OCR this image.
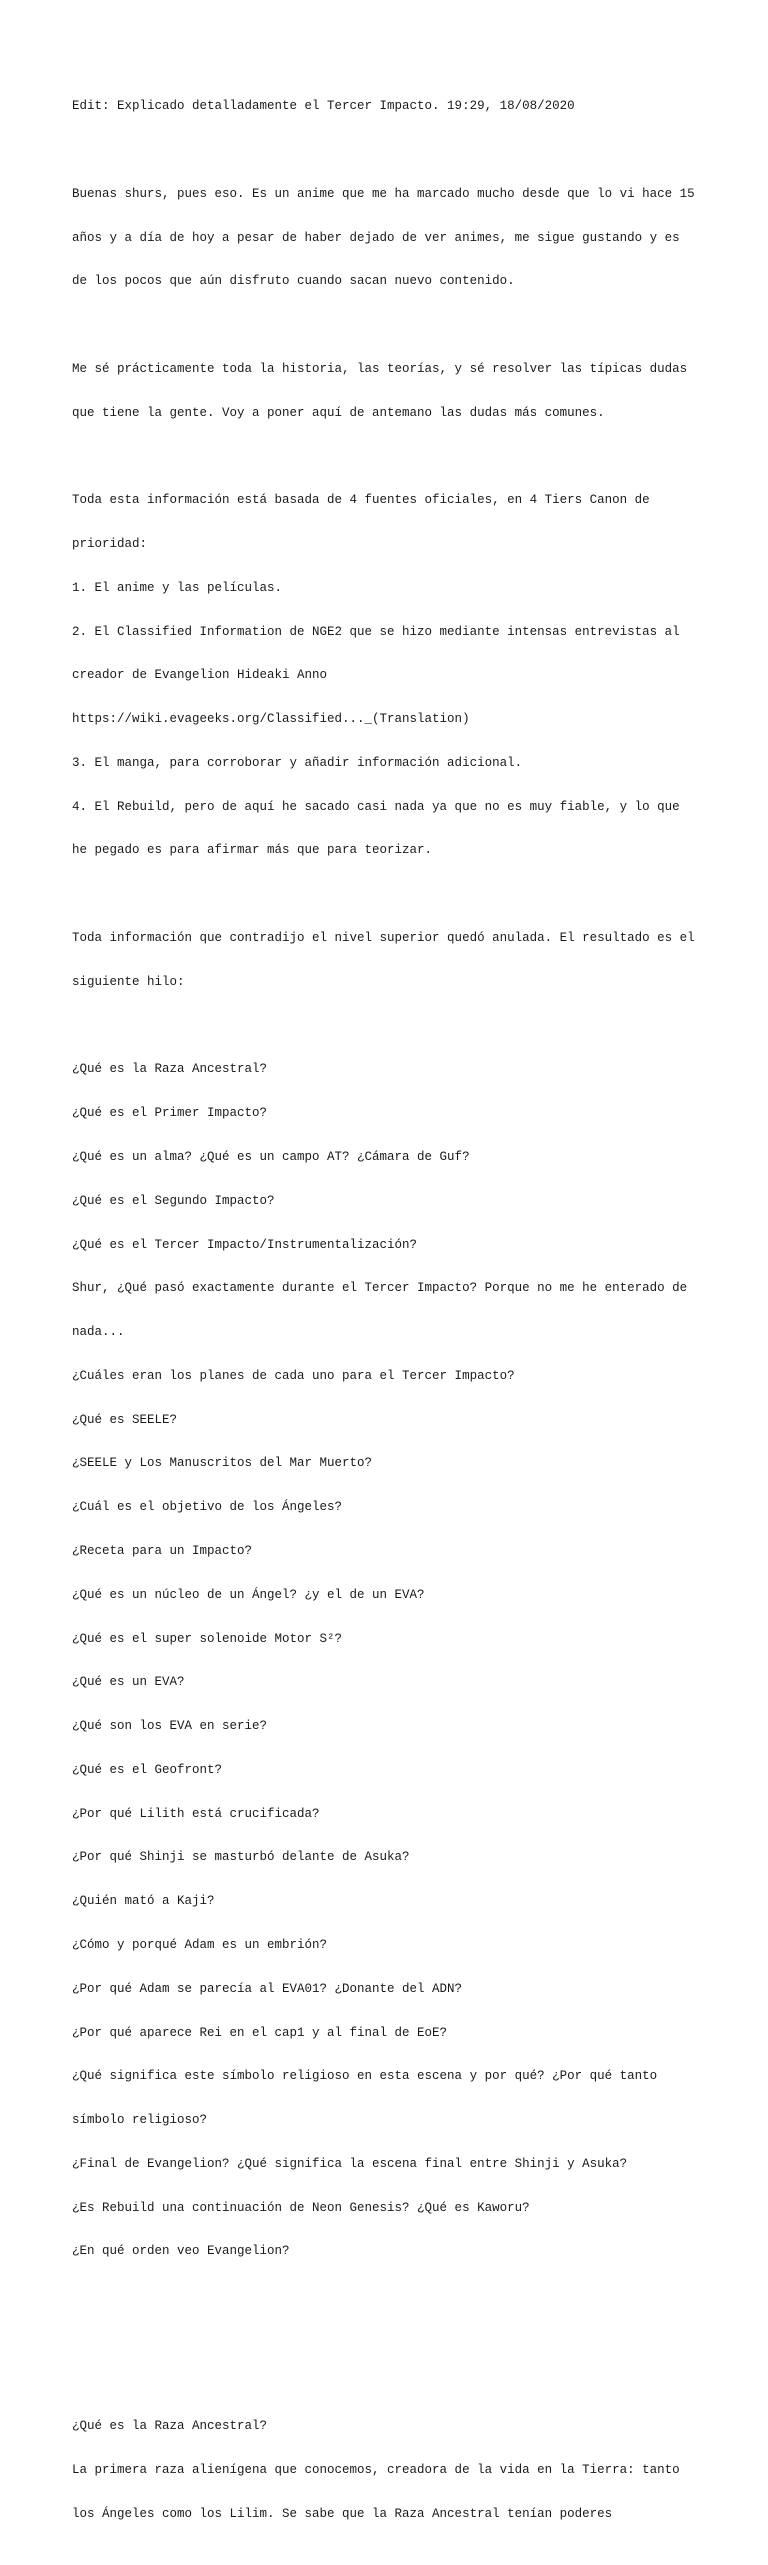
Edit: Explicado detalladamente el Tercer Impacto. 19:29, 18/08/2020

Buenas shurs, pues eso. Es un anime que me ha marcado mucho desde que lo vi hace 15

años y a día de hoy a pesar de haber dejado de ver animes, me sigue gustando y es

de los pocos que aún disfruto cuando sacan nuevo contenido.

Me sé prácticamente toda la historia, las teorías, y sé resolver las típicas dudas

que tiene la gente. Voy a poner aquí de antemano las dudas más comunes.

Toda esta información está basada de 4 fuentes oficiales, en 4 Tiers Canon de

prioridad:

1. El anime y las películas.

2. El Classified Information de NGE2 que se hizo mediante intensas entrevistas al

creador de Evangelion Hideaki Anno

https://wiki.evageeks.org/Classified..._(Translation)

3. El manga, para corroborar y añadir información adicional.

4. El Rebuild, pero de aquí he sacado casi nada ya que no es muy fiable, y lo que

he pegado es para afirmar más que para teorizar.

Toda información que contradijo el nivel superior quedó anulada. El resultado es el

siguiente hilo:

¿Qué es la Raza Ancestral?

¿Qué es el Primer Impacto?

¿Qué es un alma? ¿Qué es un campo AT? ¿Cámara de Guf?

¿Qué es el Segundo Impacto?

¿Qué es el Tercer Impacto/Instrumentalización?

Shur, ¿Qué pasó exactamente durante el Tercer Impacto? Porque no me he enterado de

nada...

¿Cuáles eran los planes de cada uno para el Tercer Impacto?

¿Qué es SEELE?

¿SEELE y Los Manuscritos del Mar Muerto?

¿Cuál es el objetivo de los Ángeles?

¿Receta para un Impacto?

¿Qué es un núcleo de un Ángel? ¿y el de un EVA?

¿Qué es el super solenoide Motor S²?

¿Qué es un EVA?

¿Qué son los EVA en serie?

¿Qué es el Geofront?

¿Por qué Lilith está crucificada?

¿Por qué Shinji se masturbó delante de Asuka?

¿Quién mató a Kaji?

¿Cómo y porqué Adam es un embrión?

¿Por qué Adam se parecía al EVA01? ¿Donante del ADN?

¿Por qué aparece Rei en el cap1 y al final de EoE?

¿Qué significa este símbolo religioso en esta escena y por qué? ¿Por qué tanto

símbolo religioso?

¿Final de Evangelion? ¿Qué significa la escena final entre Shinji y Asuka?

¿Es Rebuild una continuación de Neon Genesis? ¿Qué es Kaworu?

¿En qué orden veo Evangelion?

¿Qué es la Raza Ancestral?

La primera raza alienígena que conocemos, creadora de la vida en la Tierra: tanto

los Ángeles como los Lilim. Se sabe que la Raza Ancestral tenían poderes
